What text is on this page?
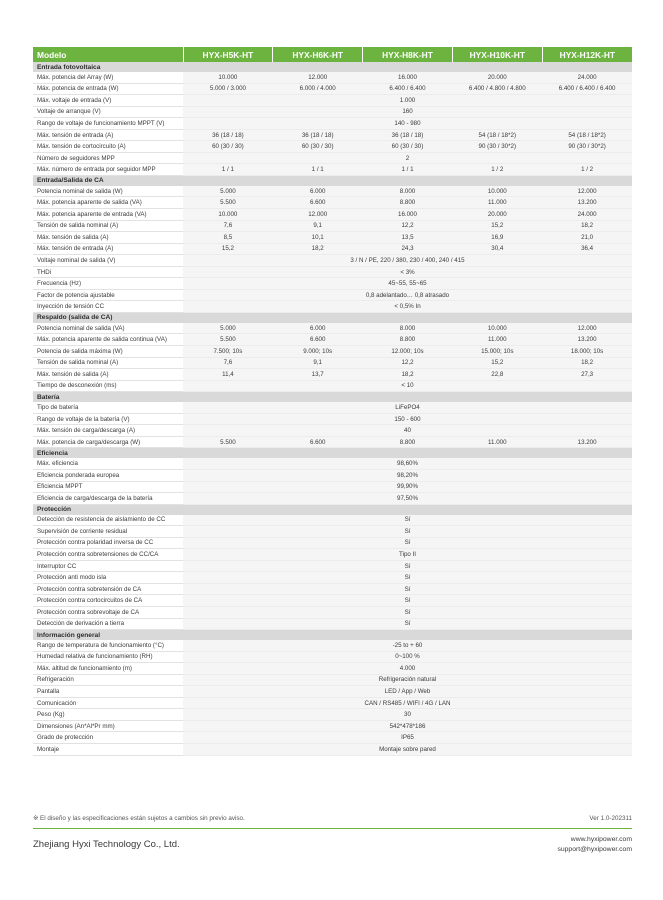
Modelo	HYX-H5K-HT	HYX-H6K-HT	HYX-H8K-HT	HYX-H10K-HT	HYX-H12K-HT
Entrada fotovoltaica					
Máx. potencia del Array (W)	10.000	12.000	16.000	20.000	24.000
Máx. potencia de entrada (W)	5.000 / 3.000	6.000 / 4.000	6.400 / 6.400	6.400 / 4.800 / 4.800	6.400 / 6.400 / 6.400
Máx. voltaje de entrada (V)	1.000				
Voltaje de arranque (V)	160				
Rango de voltaje de funcionamiento MPPT (V)	140 - 980				
Máx. tensión de entrada (A)	36 (18 / 18)	36 (18 / 18)	36 (18 / 18)	54 (18 / 18*2)	54 (18 / 18*2)
Máx. tensión de cortocircuito (A)	60 (30 / 30)	60 (30 / 30)	60 (30 / 30)	90 (30 / 30*2)	90 (30 / 30*2)
Número de seguidores MPP	2				
Máx. número de entrada por seguidor MPP	1 / 1	1 / 1	1 / 1	1 / 2	1 / 2
Entrada/Salida de CA					
Potencia nominal de salida (W)	5.000	6.000	8.000	10.000	12.000
Máx. potencia aparente de salida (VA)	5.500	6.600	8.800	11.000	13.200
Máx. potencia aparente de entrada (VA)	10.000	12.000	16.000	20.000	24.000
Tensión de salida nominal (A)	7,6	9,1	12,2	15,2	18,2
Máx. tensión de salida (A)	8,5	10,1	13,5	16,9	21,0
Máx. tensión de entrada (A)	15,2	18,2	24,3	30,4	36,4
Voltaje nominal de salida (V)	3 / N / PE, 220 / 380, 230 / 400, 240 / 415				
THDi	< 3%				
Frecuencia (Hz)	45~55, 55~65				
Factor de potencia ajustable	0,8 adelantado… 0,8 atrasado				
Inyección de tensión CC	< 0,5% In				
Respaldo (salida de CA)					
Potencia nominal de salida (VA)	5.000	6.000	8.000	10.000	12.000
Máx. potencia aparente de salida continua (VA)	5.500	6.600	8.800	11.000	13.200
Potencia de salida máxima (W)	7.500; 10s	9.000; 10s	12.000; 10s	15.000; 10s	18.000; 10s
Tensión de salida nominal (A)	7,6	9,1	12,2	15,2	18,2
Máx. tensión de salida (A)	11,4	13,7	18,2	22,8	27,3
Tiempo de desconexión (ms)	< 10				
Batería					
Tipo de batería	LiFePO4				
Rango de voltaje de la batería (V)	150 - 600				
Máx. tensión de carga/descarga (A)	40				
Máx. potencia de carga/descarga (W)	5.500	6.600	8.800	11.000	13.200
Eficiencia					
Máx. eficiencia	98,60%				
Eficiencia ponderada europea	98,20%				
Eficiencia MPPT	99,90%				
Eficiencia de carga/descarga de la batería	97,50%				
Protección					
Detección de resistencia de aislamiento de CC	Sí				
Supervisión de corriente residual	Sí				
Protección contra polaridad inversa de CC	Sí				
Protección contra sobretensiones de CC/CA	Tipo II				
Interruptor CC	Sí				
Protección anti modo isla	Sí				
Protección contra sobretensión de CA	Sí				
Protección contra cortocircuitos de CA	Sí				
Protección contra sobrevoltaje de CA	Sí				
Detección de derivación a tierra	Sí				
Información general					
Rango de temperatura de funcionamiento (°C)	-25 to + 60				
Humedad relativa de funcionamiento (RH)	0~100 %				
Máx. altitud de funcionamiento (m)	4.000				
Refrigeración	Refrigeración natural				
Pantalla	LED / App / Web				
Comunicación	CAN / RS485 / WIFI / 4G / LAN				
Peso (Kg)	30				
Dimensiones (An*Al*Pr mm)	542*478*186				
Grado de protección	IP65				
Montaje	Montaje sobre pared				
※ El diseño y las especificaciones están sujetos a cambios sin previo aviso.	Ver 1.0-202311
Zhejiang Hyxi Technology Co., Ltd.	www.hyxipower.com
support@hyxipower.com
